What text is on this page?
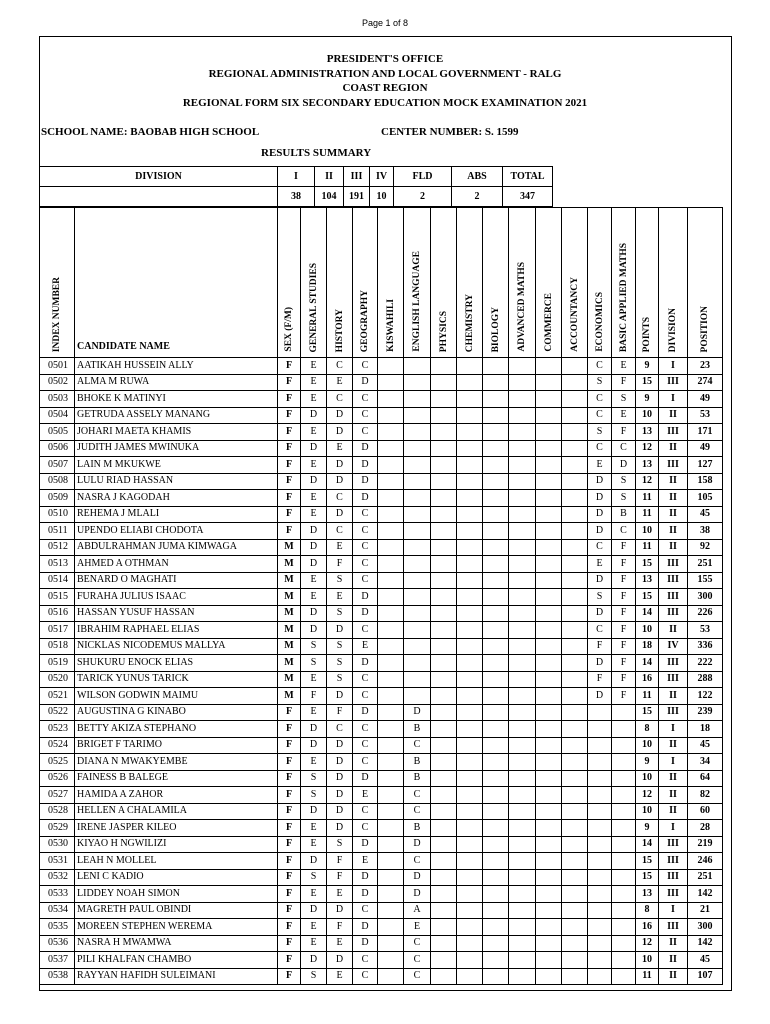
Page 1 of 8
PRESIDENT'S OFFICE
REGIONAL ADMINISTRATION AND LOCAL GOVERNMENT - RALG
COAST REGION
REGIONAL FORM SIX SECONDARY EDUCATION MOCK EXAMINATION 2021
SCHOOL NAME: BAOBAB HIGH SCHOOL	CENTER NUMBER: S. 1599
RESULTS SUMMARY
DIVISION	I	II	III	IV	FLD	ABS	TOTAL
	38	104	191	10	2	2	347
INDEX NUMBER	CANDIDATE NAME	SEX (F/M)	GENERAL STUDIES	HISTORY	GEOGRAPHY	KISWAHILI	ENGLISH LANGUAGE	PHYSICS	CHEMISTRY	BIOLOGY	ADVANCED MATHS	COMMERCE	ACCOUNTANCY	ECONOMICS	BASIC APPLIED MATHS	POINTS	DIVISION	POSITION
0501	AATIKAH HUSSEIN ALLY	F	E	C	C									C	E	9	I	23
0502	ALMA M RUWA	F	E	E	D									S	F	15	III	274
0503	BHOKE K MATINYI	F	E	C	C									C	S	9	I	49
0504	GETRUDA ASSELY MANANG	F	D	D	C									C	E	10	II	53
0505	JOHARI MAETA KHAMIS	F	E	D	C									S	F	13	III	171
0506	JUDITH JAMES MWINUKA	F	D	E	D									C	C	12	II	49
0507	LAIN M MKUKWE	F	E	D	D									E	D	13	III	127
0508	LULU RIAD HASSAN	F	D	D	D									D	S	12	II	158
0509	NASRA J KAGODAH	F	E	C	D									D	S	11	II	105
0510	REHEMA J MLALI	F	E	D	C									D	B	11	II	45
0511	UPENDO ELIABI CHODOTA	F	D	C	C									D	C	10	II	38
0512	ABDULRAHMAN JUMA KIMWAGA	M	D	E	C									C	F	11	II	92
0513	AHMED A OTHMAN	M	D	F	C									E	F	15	III	251
0514	BENARD O MAGHATI	M	E	S	C									D	F	13	III	155
0515	FURAHA JULIUS ISAAC	M	E	E	D									S	F	15	III	300
0516	HASSAN YUSUF HASSAN	M	D	S	D									D	F	14	III	226
0517	IBRAHIM RAPHAEL ELIAS	M	D	D	C									C	F	10	II	53
0518	NICKLAS NICODEMUS MALLYA	M	S	S	E									F	F	18	IV	336
0519	SHUKURU ENOCK ELIAS	M	S	S	D									D	F	14	III	222
0520	TARICK YUNUS TARICK	M	E	S	C									F	F	16	III	288
0521	WILSON GODWIN MAIMU	M	F	D	C									D	F	11	II	122
0522	AUGUSTINA G KINABO	F	E	F	D		D									15	III	239
0523	BETTY AKIZA STEPHANO	F	D	C	C		B									8	I	18
0524	BRIGET F TARIMO	F	D	D	C		C									10	II	45
0525	DIANA N MWAKYEMBE	F	E	D	C		B									9	I	34
0526	FAINESS B BALEGE	F	S	D	D		B									10	II	64
0527	HAMIDA A ZAHOR	F	S	D	E		C									12	II	82
0528	HELLEN A CHALAMILA	F	D	D	C		C									10	II	60
0529	IRENE JASPER KILEO	F	E	D	C		B									9	I	28
0530	KIYAO H NGWILIZI	F	E	S	D		D									14	III	219
0531	LEAH N MOLLEL	F	D	F	E		C									15	III	246
0532	LENI C KADIO	F	S	F	D		D									15	III	251
0533	LIDDEY NOAH SIMON	F	E	E	D		D									13	III	142
0534	MAGRETH PAUL OBINDI	F	D	D	C		A									8	I	21
0535	MOREEN STEPHEN WEREMA	F	E	F	D		E									16	III	300
0536	NASRA H MWAMWA	F	E	E	D		C									12	II	142
0537	PILI KHALFAN CHAMBO	F	D	D	C		C									10	II	45
0538	RAYYAN HAFIDH SULEIMANI	F	S	E	C		C									11	II	107
